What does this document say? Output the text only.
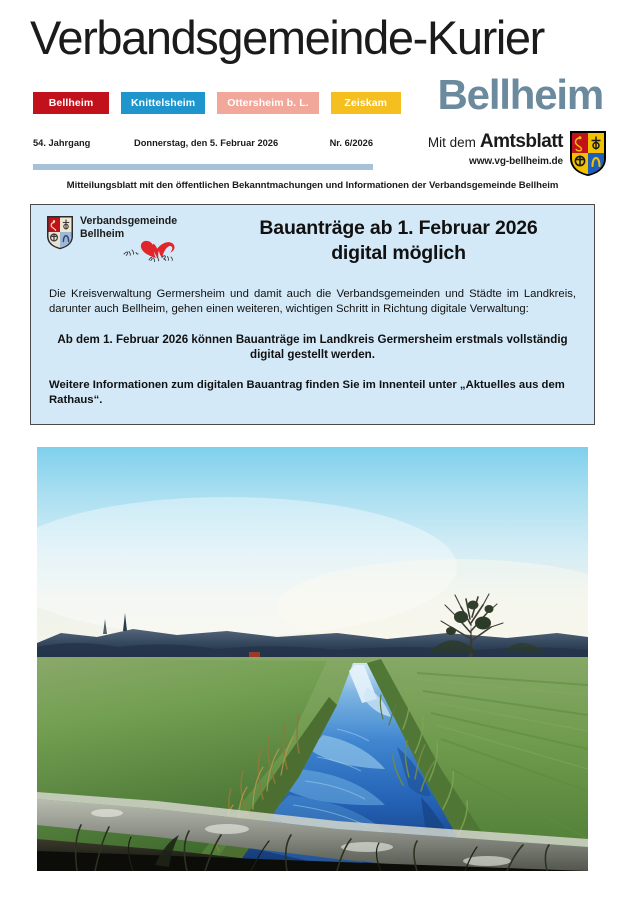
Verbandsgemeinde-Kurier
Bellheim
Bellheim	Knittelsheim	Ottersheim b. L.	Zeiskam
54. Jahrgang	Donnerstag, den 5. Februar 2026	Nr. 6/2026	Mit dem Amtsblatt
www.vg-bellheim.de
Mitteilungsblatt mit den öffentlichen Bekanntmachungen und Informationen der Verbandsgemeinde Bellheim
Verbandsgemeinde
Bellheim	Bauanträge ab 1. Februar 2026
digital möglich

Die Kreisverwaltung Germersheim und damit auch die Verbandsgemeinden und Städte im Landkreis, darunter auch Bellheim, gehen einen weiteren, wichtigen Schritt in Richtung digitale Verwaltung:

Ab dem 1. Februar 2026 können Bauanträge im Landkreis Germersheim erstmals vollständig digital gestellt werden.

Weitere Informationen zum digitalen Bauantrag finden Sie im Innenteil unter „Aktuelles aus dem Rathaus“.
